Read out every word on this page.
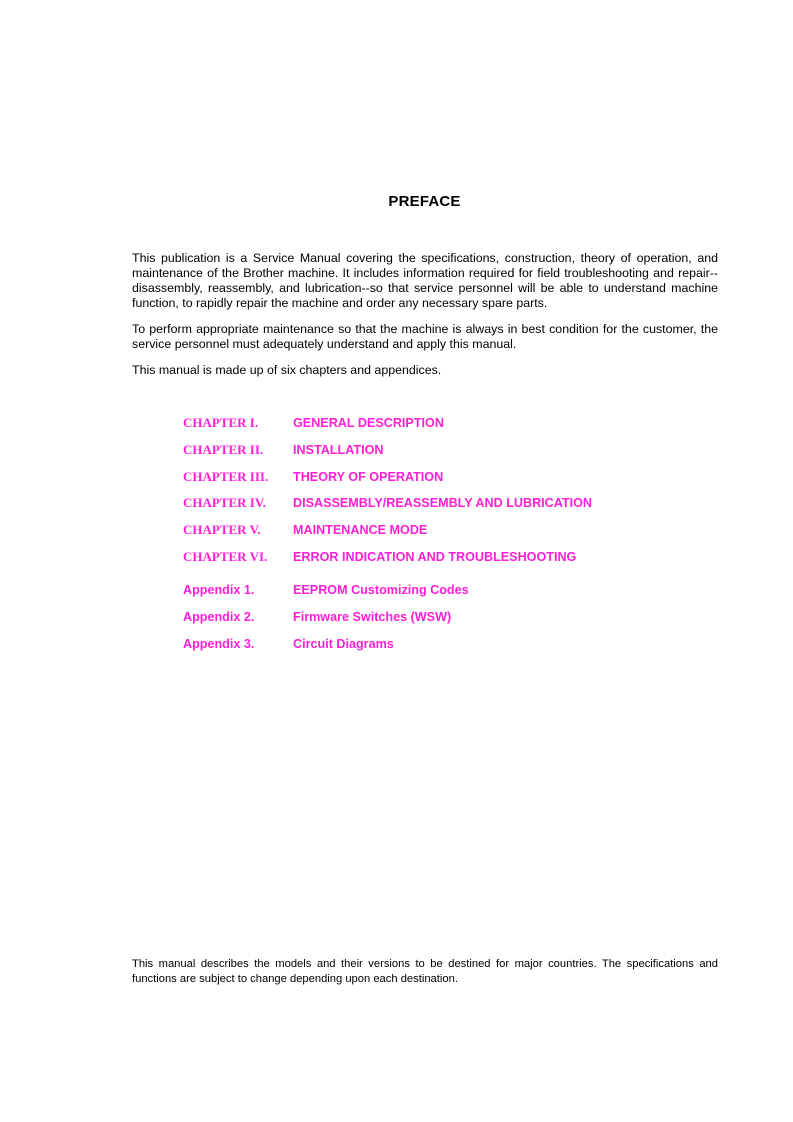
PREFACE
This publication is a Service Manual covering the specifications, construction, theory of operation, and maintenance of the Brother machine. It includes information required for field troubleshooting and repair--disassembly, reassembly, and lubrication--so that service personnel will be able to understand machine function, to rapidly repair the machine and order any necessary spare parts.
To perform appropriate maintenance so that the machine is always in best condition for the customer, the service personnel must adequately understand and apply this manual.
This manual is made up of six chapters and appendices.
CHAPTER I.	GENERAL DESCRIPTION
CHAPTER II. INSTALLATION
CHAPTER III. THEORY OF OPERATION
CHAPTER IV. DISASSEMBLY/REASSEMBLY AND LUBRICATION
CHAPTER V.	MAINTENANCE MODE
CHAPTER VI. ERROR INDICATION AND TROUBLESHOOTING
Appendix 1.	EEPROM Customizing Codes
Appendix 2.	Firmware Switches (WSW)
Appendix 3.	Circuit Diagrams
This manual describes the models and their versions to be destined for major countries. The specifications and functions are subject to change depending upon each destination.
